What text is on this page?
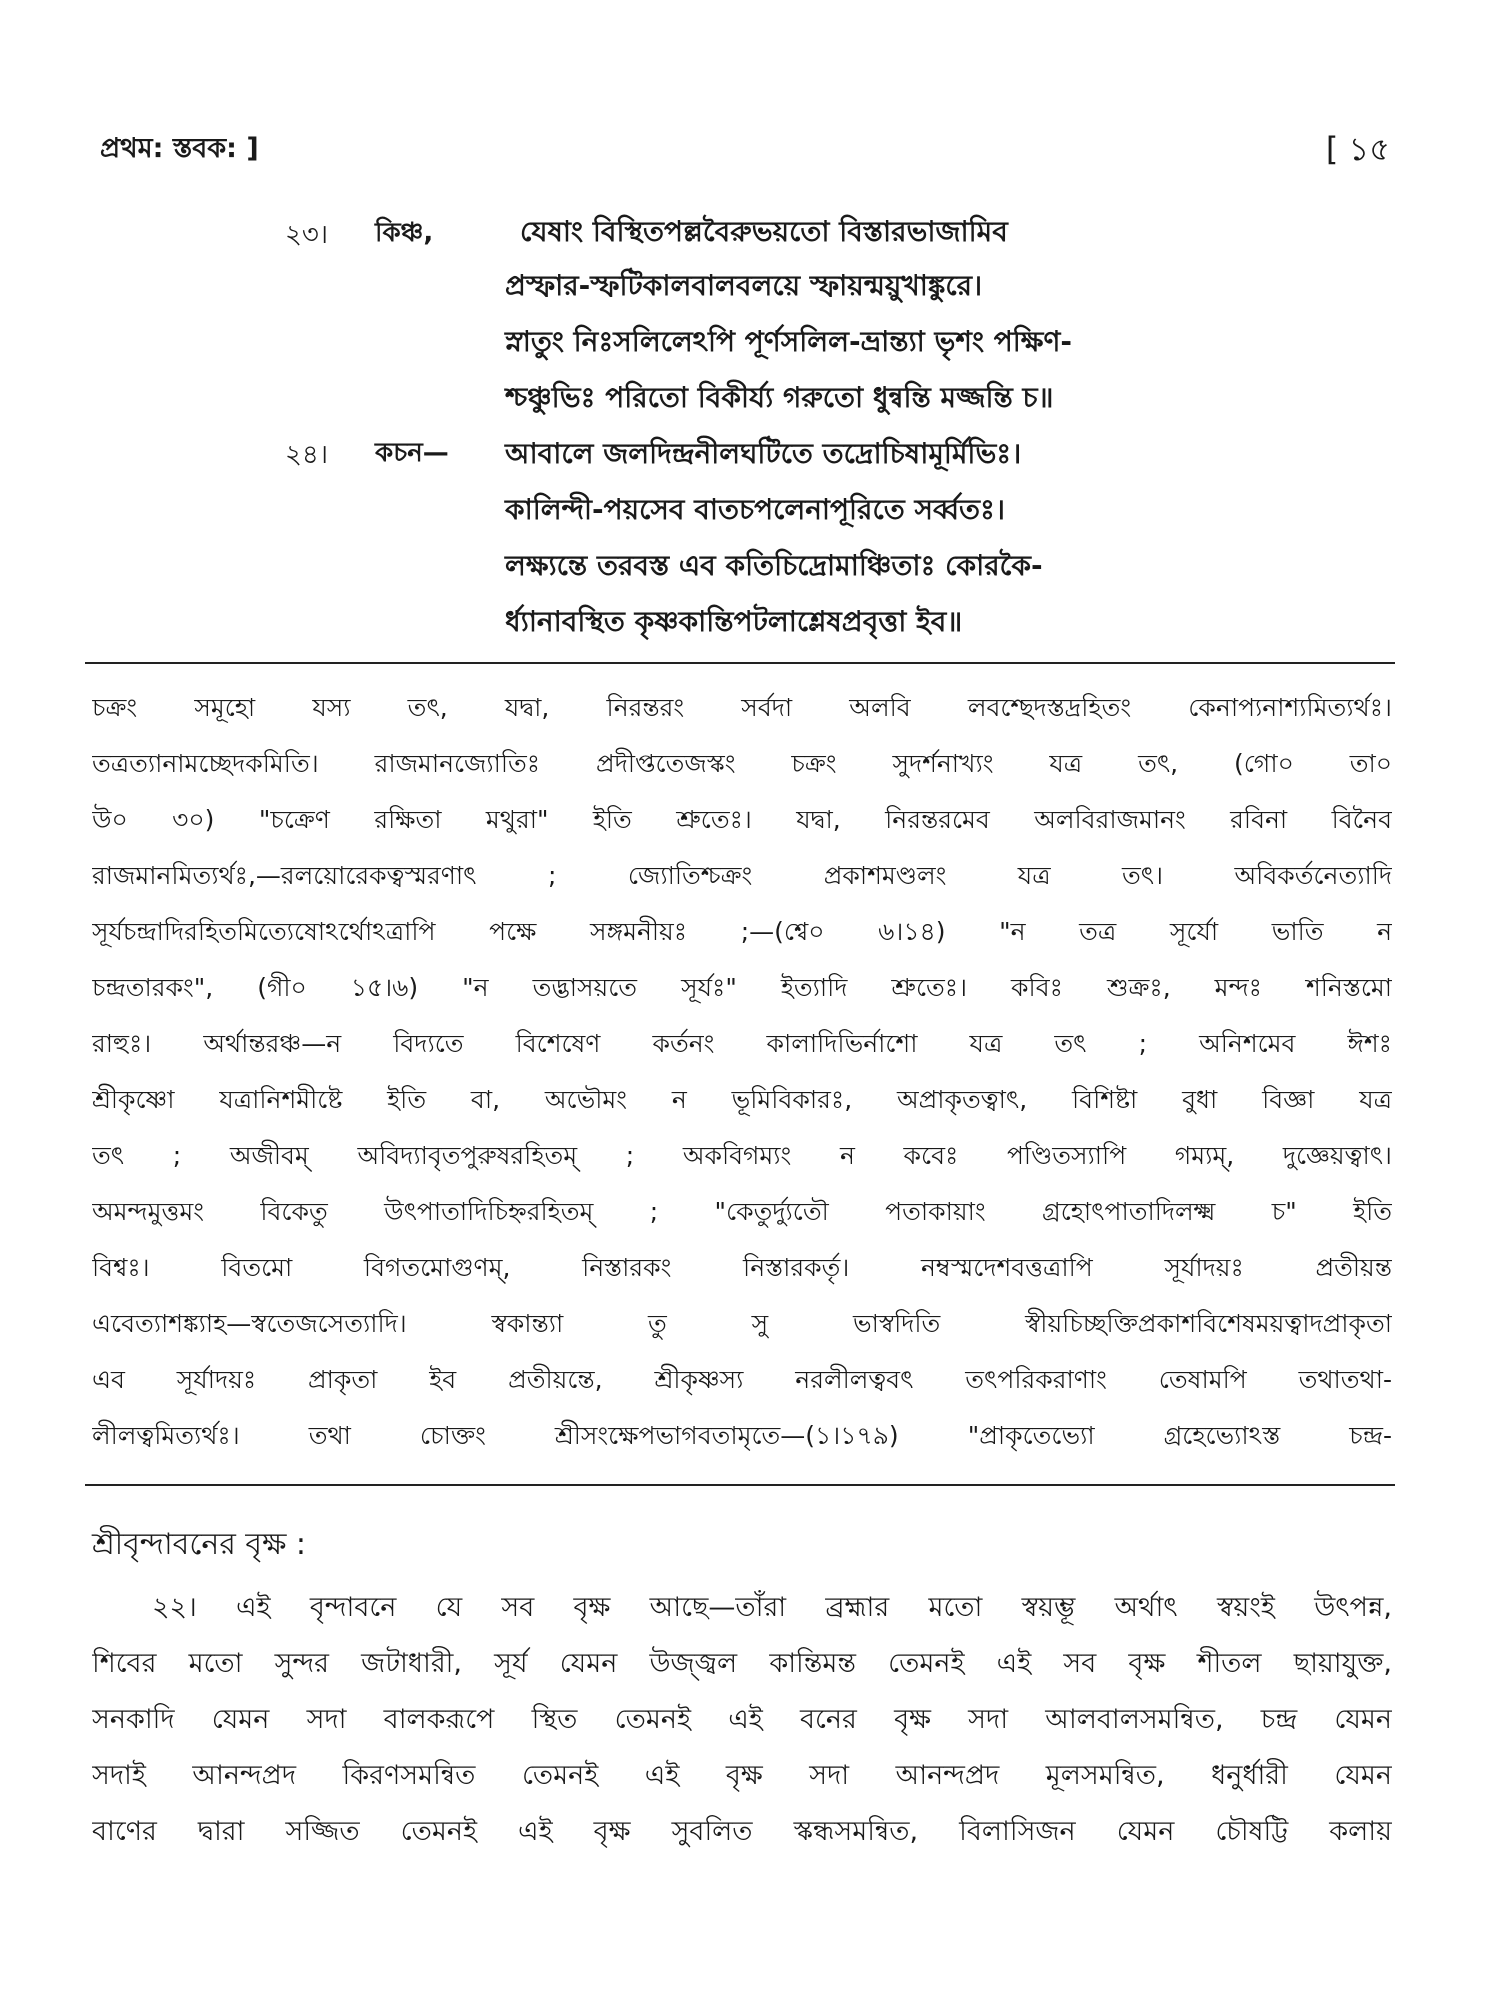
প্রথম: স্তবক: ]	[ ১৫
২৩। কিঞ্চ,	যেষাং বিস্থিতপল্লবৈরুভয়তো বিস্তারভাজামিব
প্রস্ফার-স্ফটিকালবালবলয়ে স্ফায়ন্ময়ুখাঙ্কুরে।
স্নাতুং নিঃসলিলেঽপি পূর্ণসলিল-ভ্রান্ত্যা ভৃশং পক্ষিণ-
শ্চঞ্চুভিঃ পরিতো বিকীর্য্য গরুতো ধুন্বন্তি মজ্জন্তি চ॥
২৪। কচন— আবালে জলদিন্দ্রনীলঘটিতে তদ্রোচিষামূর্মিভিঃ।
কালিন্দী-পয়সেব বাতচপলেনাপূরিতে সর্ব্বতঃ।
লক্ষ্যন্তে তরবস্ত এব কতিচিদ্রোমাঞ্চিতাঃ কোরকৈ-
র্ধ্যানাবস্থিত কৃষ্ণকান্তিপটলাশ্লেষপ্রবৃত্তা ইব॥
চক্রং সমূহো যস্য তৎ, যদ্বা, নিরন্তরং সর্বদা অলবি লবশ্ছেদস্তদ্রহিতং কেনাপ্যনাশ্যমিত্যর্থঃ।
তত্রত্যানামচ্ছেদকমিতি। রাজমানজ্যোতিঃ প্রদীপ্ততেজস্কং চক্রং সুদর্শনাখ্যং যত্র তৎ, (গো০ তা০
উ০ ৩০) "চক্রেণ রক্ষিতা মথুরা" ইতি শ্রুতেঃ। যদ্বা, নিরন্তরমেব অলবিরাজমানং রবিনা বিনৈব
রাজমানমিত্যর্থঃ,—রলয়োরেকত্বস্মরণাৎ ; জ্যোতিশ্চক্রং প্রকাশমণ্ডলং যত্র তৎ। অবিকর্তনেত্যাদি
সূর্যচন্দ্রাদিরহিতমিত্যেষোঽর্থোঽত্রাপি পক্ষে সঙ্গমনীয়ঃ ;—(শ্বে০ ৬।১৪) "ন তত্র সূর্যো ভাতি ন
চন্দ্রতারকং", (গী০ ১৫।৬) "ন তদ্ভাসয়তে সূর্যঃ" ইত্যাদি শ্রুতেঃ। কবিঃ শুক্রঃ, মন্দঃ শনিস্তমো
রাহুঃ। অর্থান্তরঞ্চ—ন বিদ্যতে বিশেষেণ কর্তনং কালাদিভির্নাশো যত্র তৎ ; অনিশমেব ঈশঃ
শ্রীকৃষ্ণো যত্রানিশমীষ্টে ইতি বা, অভৌমং ন ভূমিবিকারঃ, অপ্রাকৃতত্বাৎ, বিশিষ্টা বুধা বিজ্ঞা যত্র
তৎ ; অজীবম্ অবিদ্যাবৃতপুরুষরহিতম্ ; অকবিগম্যং ন কবেঃ পণ্ডিতস্যাপি গম্যম্, দুজ্ঞেয়ত্বাৎ।
অমন্দমুত্তমং বিকেতু উৎপাতাদিচিহ্নরহিতম্ ; "কেতুর্দ্যুতৌ পতাকায়াং গ্রহোৎপাতাদিলক্ষ্ম চ" ইতি
বিশ্বঃ। বিতমো বিগতমোগুণম্, নিস্তারকং নিস্তারকর্তৃ। নম্বস্মদেশবত্তত্রাপি সূর্যাদয়ঃ প্রতীয়ন্ত
এবেত্যাশঙ্ক্যাহ—স্বতেজসেত্যাদি। স্বকান্ত্যা তু সু ভাস্বদিতি স্বীয়চিচ্ছক্তিপ্রকাশবিশেষময়ত্বাদপ্রাকৃতা
এব সূর্যাদয়ঃ প্রাকৃতা ইব প্রতীয়ন্তে, শ্রীকৃষ্ণস্য নরলীলত্ববৎ তৎপরিকরাণাং তেষামপি তথাতথা-
লীলত্বমিত্যর্থঃ। তথা চোক্তং শ্রীসংক্ষেপভাগবতামৃতে—(১।১৭৯) "প্রাকৃতেভ্যো গ্রহেভ্যোঽস্ত চন্দ্র-
শ্রীবৃন্দাবনের বৃক্ষ :
২২। এই বৃন্দাবনে যে সব বৃক্ষ আছে—তাঁরা ব্রহ্মার মতো স্বয়ম্ভূ অর্থাৎ স্বয়ংই উৎপন্ন,
শিবের মতো সুন্দর জটাধারী, সূর্য যেমন উজ্জ্বল কান্তিমন্ত তেমনই এই সব বৃক্ষ শীতল ছায়াযুক্ত,
সনকাদি যেমন সদা বালকরূপে স্থিত তেমনই এই বনের বৃক্ষ সদা আলবালসমন্বিত, চন্দ্র যেমন
সদাই আনন্দপ্রদ কিরণসমন্বিত তেমনই এই বৃক্ষ সদা আনন্দপ্রদ মূলসমন্বিত, ধনুর্ধারী যেমন
বাণের দ্বারা সজ্জিত তেমনই এই বৃক্ষ সুবলিত স্কন্ধসমন্বিত, বিলাসিজন যেমন চৌষট্টি কলায়
